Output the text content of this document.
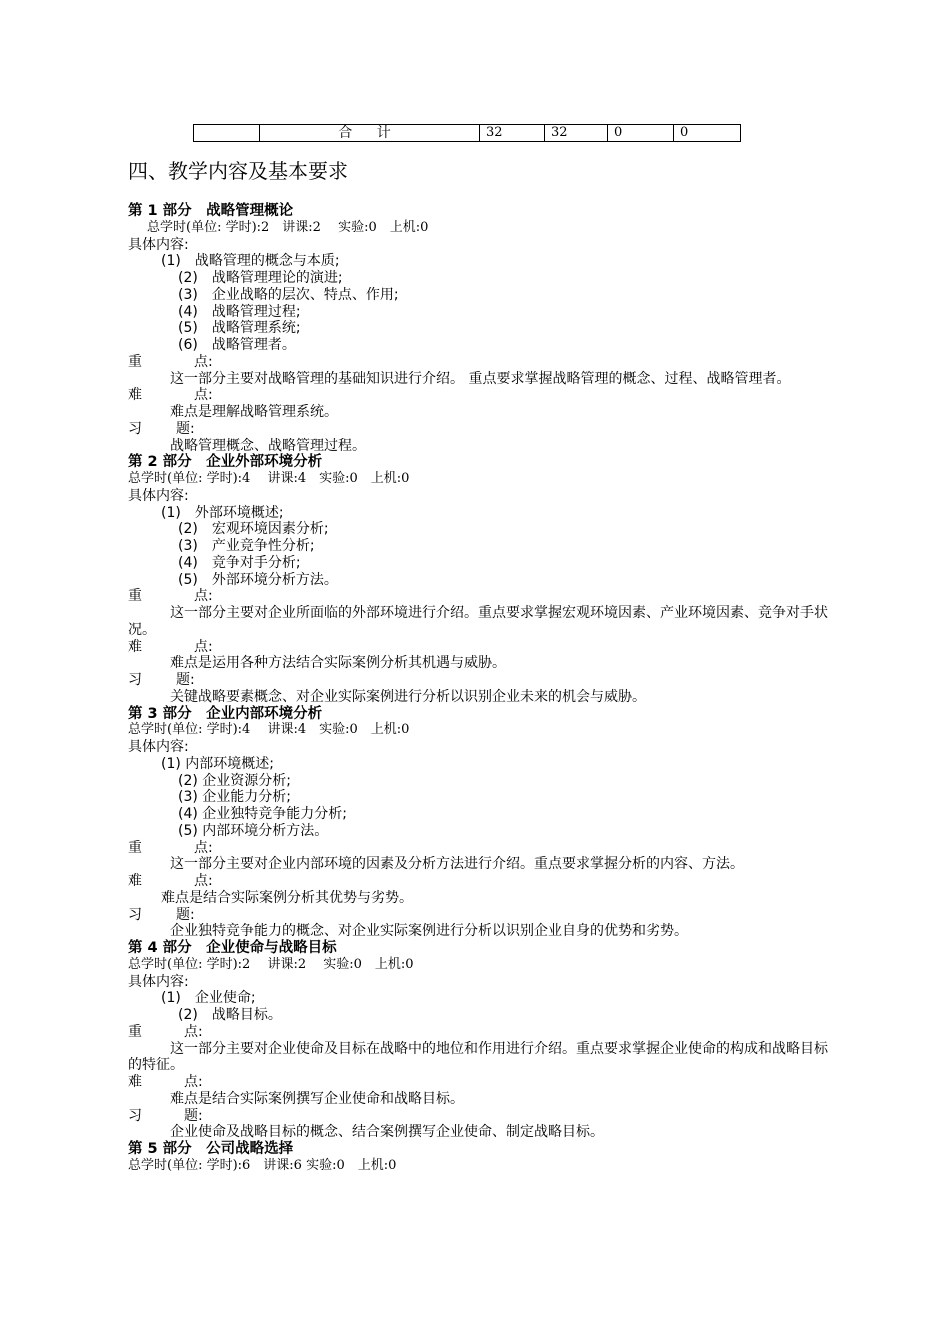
	合 计	32	32	0	0
四、教学内容及基本要求
第 1 部分　战略管理概论
总学时(单位: 学时):2　讲课:2　 实验:0　上机:0
具体内容:
(1)　战略管理的概念与本质;
(2)　战略管理理论的演进;
(3)　企业战略的层次、特点、作用;
(4)　战略管理过程;
(5)　战略管理系统;
(6)　战略管理者。
重	点:
这一部分主要对战略管理的基础知识进行介绍。 重点要求掌握战略管理的概念、过程、战略管理者。
难	点:
难点是理解战略管理系统。
习 题:
战略管理概念、战略管理过程。
第 2 部分　企业外部环境分析
总学时(单位: 学时):4　 讲课:4　实验:0　上机:0
具体内容:
(1)　外部环境概述;
(2)　宏观环境因素分析;
(3)　产业竞争性分析;
(4)　竞争对手分析;
(5)　外部环境分析方法。
重	点:
这一部分主要对企业所面临的外部环境进行介绍。重点要求掌握宏观环境因素、产业环境因素、竞争对手状况。
难	点:
难点是运用各种方法结合实际案例分析其机遇与威胁。
习 题:
关键战略要素概念、对企业实际案例进行分析以识别企业未来的机会与威胁。
第 3 部分　企业内部环境分析
总学时(单位: 学时):4　 讲课:4　实验:0　上机:0
具体内容:
(1) 内部环境概述;
(2) 企业资源分析;
(3) 企业能力分析;
(4) 企业独特竞争能力分析;
(5) 内部环境分析方法。
重	点:
这一部分主要对企业内部环境的因素及分析方法进行介绍。重点要求掌握分析的内容、方法。
难	点:
难点是结合实际案例分析其优势与劣势。
习 题:
企业独特竞争能力的概念、对企业实际案例进行分析以识别企业自身的优势和劣势。
第 4 部分　企业使命与战略目标
总学时(单位: 学时):2　 讲课:2　 实验:0　上机:0
具体内容:
(1)　企业使命;
(2)　战略目标。
重	点:
这一部分主要对企业使命及目标在战略中的地位和作用进行介绍。重点要求掌握企业使命的构成和战略目标的特征。
难	点:
难点是结合实际案例撰写企业使命和战略目标。
习	题:
企业使命及战略目标的概念、结合案例撰写企业使命、制定战略目标。
第 5 部分　公司战略选择
总学时(单位: 学时):6　讲课:6 实验:0　上机:0
